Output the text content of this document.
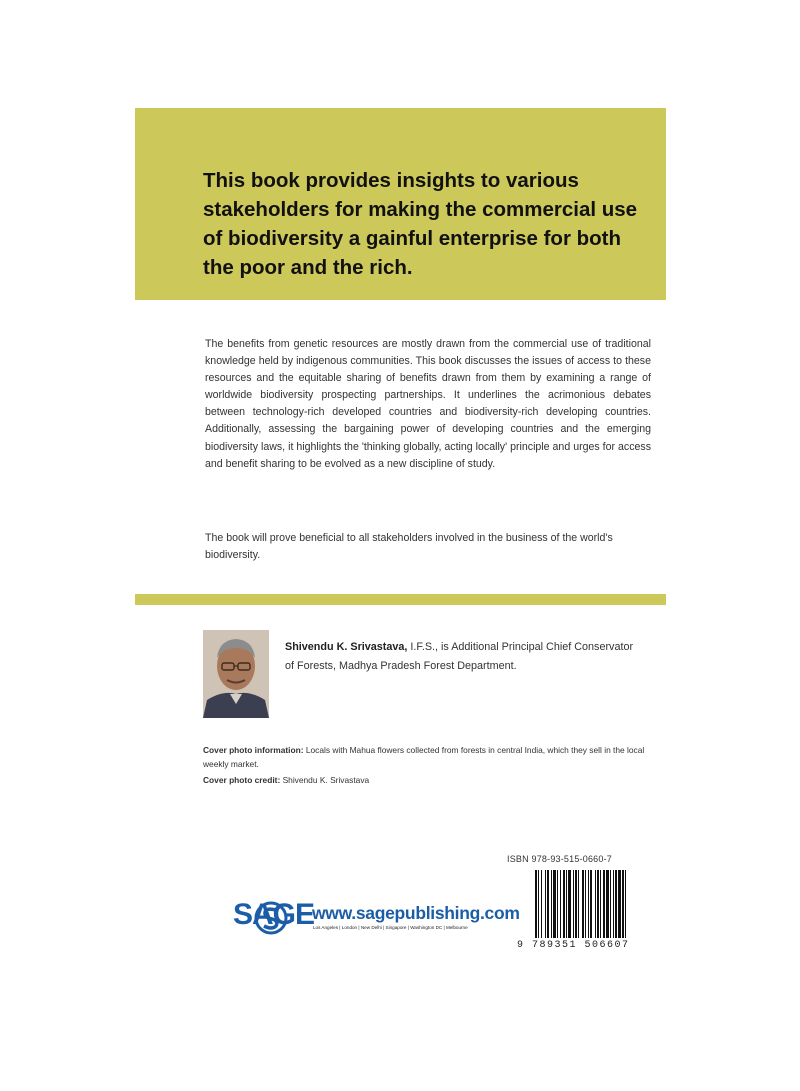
This book provides insights to various stakeholders for making the commercial use of biodiversity a gainful enterprise for both the poor and the rich.

The benefits from genetic resources are mostly drawn from the commercial use of traditional knowledge held by indigenous communities. This book discusses the issues of access to these resources and the equitable sharing of benefits drawn from them by examining a range of worldwide biodiversity prospecting partnerships. It underlines the acrimonious debates between technology-rich developed countries and biodiversity-rich developing countries. Additionally, assessing the bargaining power of developing countries and the emerging biodiversity laws, it highlights the 'thinking globally, acting locally' principle and urges for access and benefit sharing to be evolved as a new discipline of study.

The book will prove beneficial to all stakeholders involved in the business of the world's biodiversity.

Shivendu K. Srivastava, I.F.S., is Additional Principal Chief Conservator of Forests, Madhya Pradesh Forest Department.

Cover photo information: Locals with Mahua flowers collected from forests in central India, which they sell in the local weekly market.

Cover photo credit: Shivendu K. Srivastava

SAGE
www.sagepublishing.com
Los Angeles | London | New Delhi | Singapore | Washington DC | Melbourne
ISBN 978-93-515-0660-7
9 789351 506607
